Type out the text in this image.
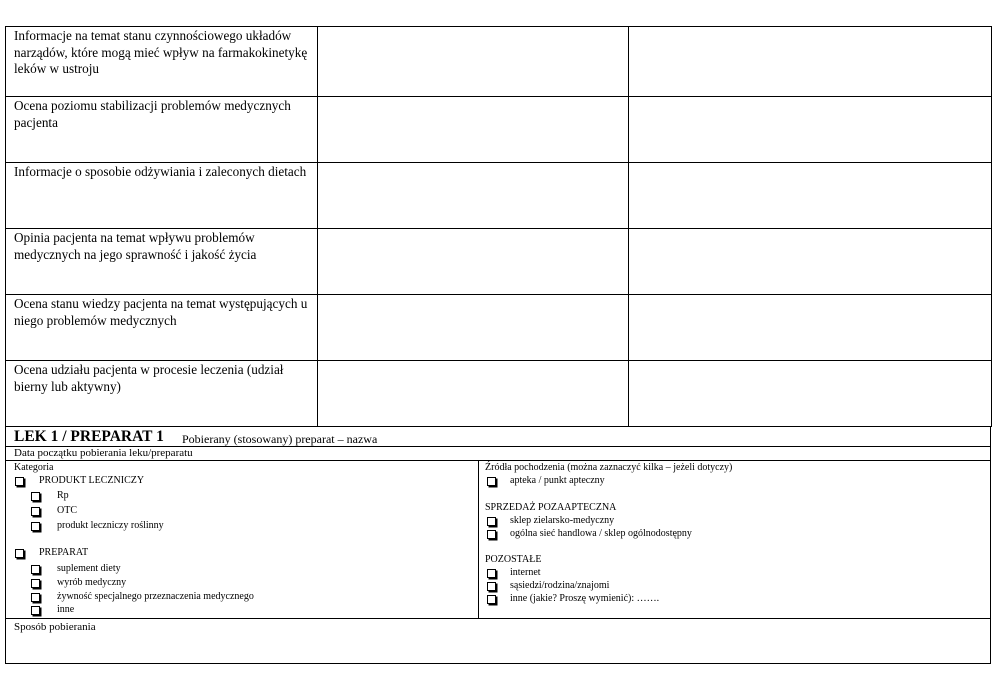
Informacje na temat stanu czynnościowego układów narządów, które mogą mieć wpływ na farmakokinetykę leków w ustroju		
Ocena poziomu stabilizacji problemów medycznych pacjenta		
Informacje o sposobie odżywiania i zaleconych dietach		
Opinia pacjenta na temat wpływu problemów medycznych na jego sprawność i jakość życia		
Ocena stanu wiedzy pacjenta na temat występujących u niego problemów medycznych		
Ocena udziału pacjenta w procesie leczenia (udział bierny lub aktywny)		
LEK 1 / PREPARAT 1 Pobierany (stosowany) preparat – nazwa
Data początku pobierania leku/preparatu
Kategoria
PRODUKT LECZNICZY
Rp
OTC
produkt leczniczy roślinny
PREPARAT
suplement diety
wyrób medyczny
żywność specjalnego przeznaczenia medycznego
inne
Źródła pochodzenia (można zaznaczyć kilka – jeżeli dotyczy)
apteka / punkt apteczny
SPRZEDAŻ POZAAPTECZNA
sklep zielarsko-medyczny
ogólna sieć handlowa / sklep ogólnodostępny
POZOSTAŁE
internet
sąsiedzi/rodzina/znajomi
inne (jakie? Proszę wymienić): …….
Sposób pobierania
